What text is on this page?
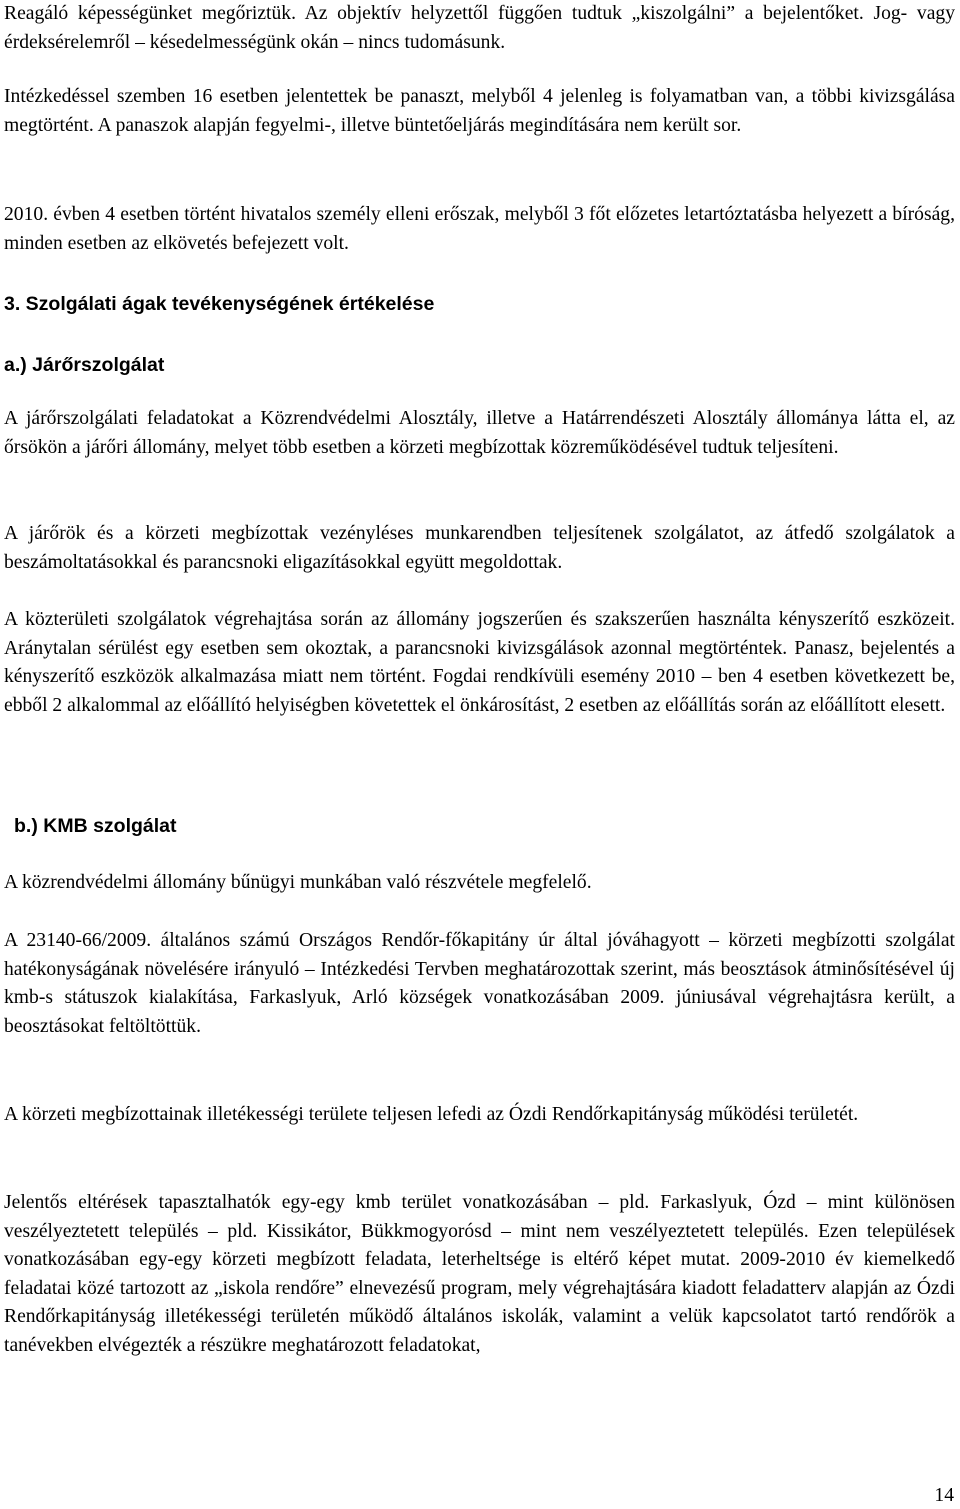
Reagáló képességünket megőriztük. Az objektív helyzettől függően tudtuk „kiszolgálni” a bejelentőket. Jog- vagy érdeksérelemről – késedelmességünk okán – nincs tudomásunk.

Intézkedéssel szemben 16 esetben jelentettek be panaszt, melyből 4 jelenleg is folyamatban van, a többi kivizsgálása megtörtént. A panaszok alapján fegyelmi-, illetve büntetőeljárás megindítására nem került sor.

2010. évben 4 esetben történt hivatalos személy elleni erőszak, melyből 3 főt előzetes letartóztatásba helyezett a bíróság, minden esetben az elkövetés befejezett volt.

3. Szolgálati ágak tevékenységének értékelése
a.) Járőrszolgálat

A járőrszolgálati feladatokat a Közrendvédelmi Alosztály, illetve a Határrendészeti Alosztály állománya látta el, az őrsökön a járőri állomány, melyet több esetben a körzeti megbízottak közreműködésével tudtuk teljesíteni.

A járőrök és a körzeti megbízottak vezényléses munkarendben teljesítenek szolgálatot, az átfedő szolgálatok a beszámoltatásokkal és parancsnoki eligazításokkal együtt megoldottak.

A közterületi szolgálatok végrehajtása során az állomány jogszerűen és szakszerűen használta kényszerítő eszközeit. Aránytalan sérülést egy esetben sem okoztak, a parancsnoki kivizsgálások azonnal megtörténtek. Panasz, bejelentés a kényszerítő eszközök alkalmazása miatt nem történt. Fogdai rendkívüli esemény 2010 – ben 4 esetben következett be, ebből 2 alkalommal az előállító helyiségben követettek el önkárosítást, 2 esetben az előállítás során az előállított elesett.

b.) KMB szolgálat

A közrendvédelmi állomány bűnügyi munkában való részvétele megfelelő.

A 23140-66/2009. általános számú Országos Rendőr-főkapitány úr által jóváhagyott – körzeti megbízotti szolgálat hatékonyságának növelésére irányuló – Intézkedési Tervben meghatározottak szerint, más beosztások átminősítésével új kmb-s státuszok kialakítása, Farkaslyuk, Arló községek vonatkozásában 2009. júniusával végrehajtásra került, a beosztásokat feltöltöttük.

A körzeti megbízottainak illetékességi területe teljesen lefedi az Ózdi Rendőrkapitányság működési területét.

Jelentős eltérések tapasztalhatók egy-egy kmb terület vonatkozásában – pld. Farkaslyuk, Ózd – mint különösen veszélyeztetett település – pld. Kissikátor, Bükkmogyorósd – mint nem veszélyeztetett település. Ezen települések vonatkozásában egy-egy körzeti megbízott feladata, leterheltsége is eltérő képet mutat. 2009-2010 év kiemelkedő feladatai közé tartozott az „iskola rendőre” elnevezésű program, mely végrehajtására kiadott feladatterv alapján az Ózdi Rendőrkapitányság illetékességi területén működő általános iskolák, valamint a velük kapcsolatot tartó rendőrök a tanévekben elvégezték a részükre meghatározott feladatokat,

14
